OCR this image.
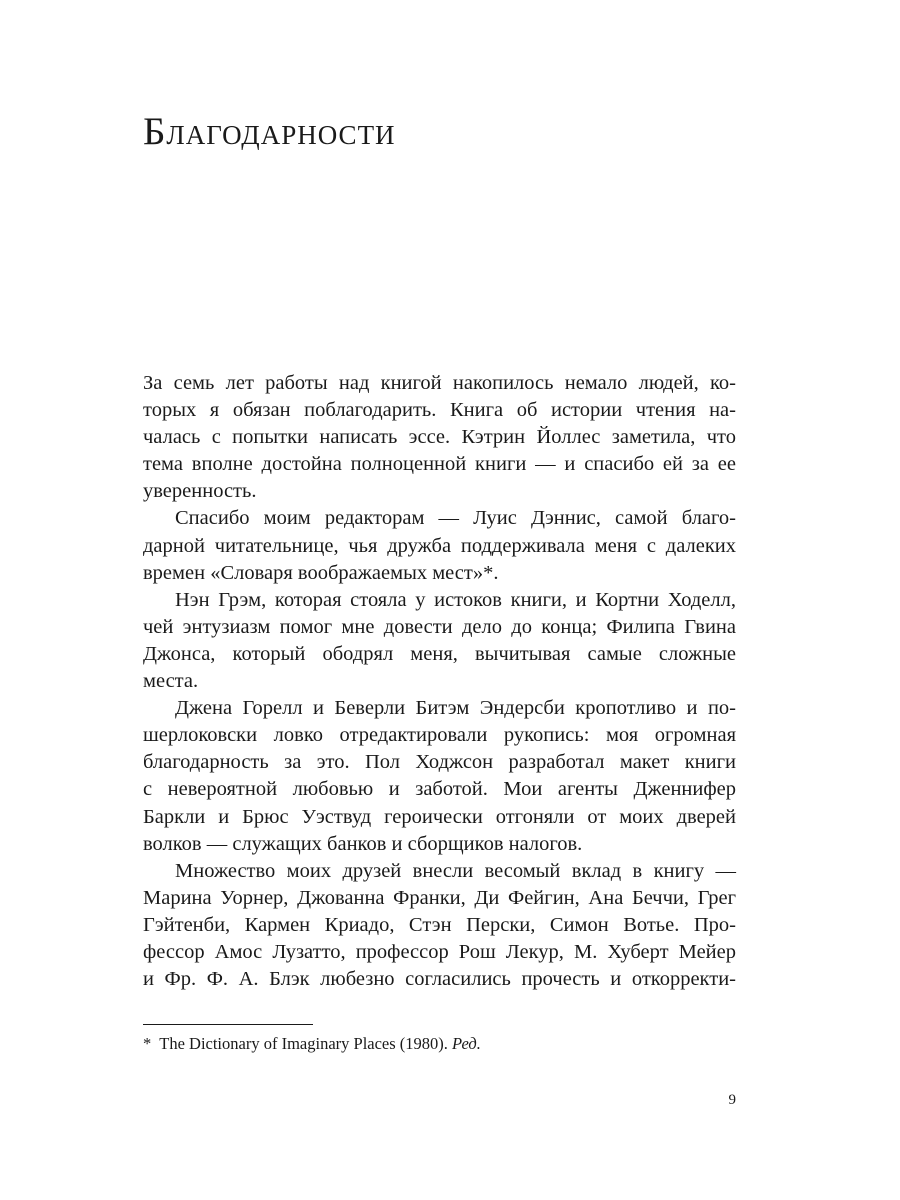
Благодарности
За семь лет работы над книгой накопилось немало людей, ко-
торых я обязан поблагодарить. Книга об истории чтения на-
чалась с попытки написать эссе. Кэтрин Йоллес заметила, что
тема вполне достойна полноценной книги — и спасибо ей за ее
уверенность.
Спасибо моим редакторам — Луис Дэннис, самой благо-
дарной читательнице, чья дружба поддерживала меня с далеких
времен «Словаря воображаемых мест»*.
Нэн Грэм, которая стояла у истоков книги, и Кортни Ходелл,
чей энтузиазм помог мне довести дело до конца; Филипа Гвина
Джонса, который ободрял меня, вычитывая самые сложные
места.
Джена Горелл и Беверли Битэм Эндерсби кропотливо и по-
шерлоковски ловко отредактировали рукопись: моя огромная
благодарность за это. Пол Ходжсон разработал макет книги
с невероятной любовью и заботой. Мои агенты Дженнифер
Баркли и Брюс Уэствуд героически отгоняли от моих дверей
волков — служащих банков и сборщиков налогов.
Множество моих друзей внесли весомый вклад в книгу —
Марина Уорнер, Джованна Франки, Ди Фейгин, Ана Беччи, Грег
Гэйтенби, Кармен Криадо, Стэн Перски, Симон Вотье. Про-
фессор Амос Лузатто, профессор Рош Лекур, М. Хуберт Мейер
и Фр. Ф. А. Блэк любезно согласились прочесть и откорректи-
* The Dictionary of Imaginary Places (1980). Ред.
9
